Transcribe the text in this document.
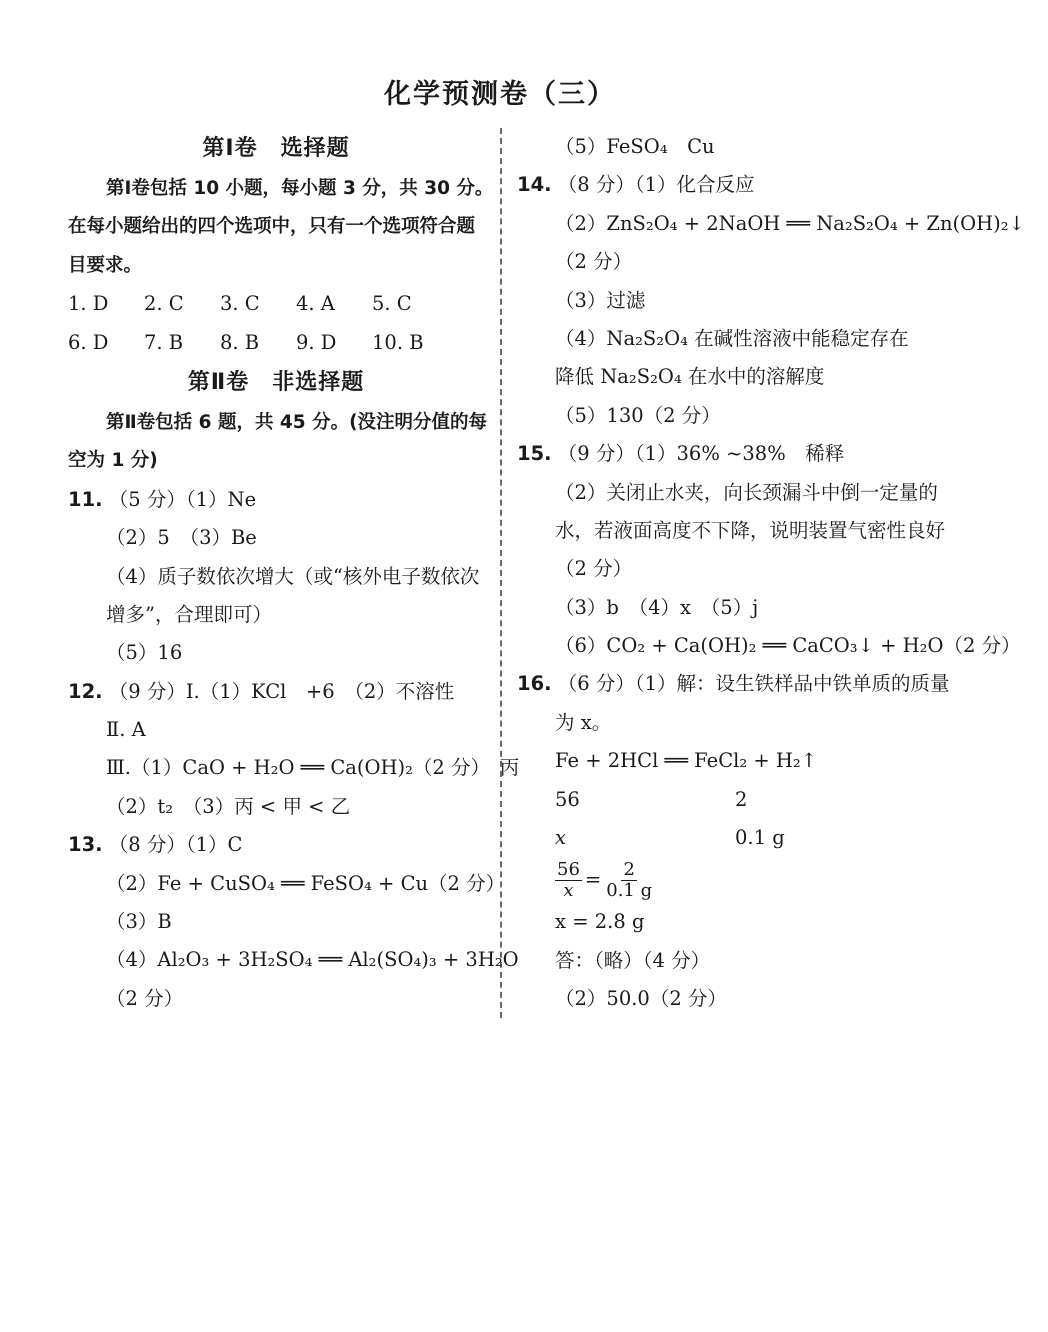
化学预测卷（三）
第Ⅰ卷　选择题
第Ⅰ卷包括 10 小题，每小题 3 分，共 30 分。
在每小题给出的四个选项中，只有一个选项符合题
目要求。
1. D	2. C	3. C	4. A	5. C
6. D	7. B	8. B	9. D	10. B
第Ⅱ卷　非选择题
第Ⅱ卷包括 6 题，共 45 分。(没注明分值的每
空为 1 分)
11. （5 分）（1）Ne
（2）5　（3）Be
（4）质子数依次增大（或“核外电子数依次
增多”，合理即可）
（5）16
12. （9 分）Ⅰ.（1）KCl　+6　（2）不溶性
Ⅱ. A
Ⅲ.（1）CaO + H₂O ══ Ca(OH)₂（2 分）　丙
（2）t₂　（3）丙 < 甲 < 乙
13. （8 分）（1）C
（2）Fe + CuSO₄ ══ FeSO₄ + Cu（2 分）
（3）B
（4）Al₂O₃ + 3H₂SO₄ ══ Al₂(SO₄)₃ + 3H₂O
（2 分）
（5）FeSO₄　Cu
14. （8 分）（1）化合反应
（2）ZnS₂O₄ + 2NaOH ══ Na₂S₂O₄ + Zn(OH)₂↓
（2 分）
（3）过滤
（4）Na₂S₂O₄ 在碱性溶液中能稳定存在
降低 Na₂S₂O₄ 在水中的溶解度
（5）130（2 分）
15. （9 分）（1）36% ~38%　稀释
（2）关闭止水夹，向长颈漏斗中倒一定量的
水，若液面高度不下降，说明装置气密性良好
（2 分）
（3）b　（4）x　（5）j
（6）CO₂ + Ca(OH)₂ ══ CaCO₃↓ + H₂O（2 分）
16. （6 分）（1）解：设生铁样品中铁单质的质量
为 x。
Fe + 2HCl ══ FeCl₂ + H₂↑
56	2
x	0.1 g
$\frac{56}{x} = \frac{2}{0.1 g}$
x = 2.8 g
答：（略）（4 分）
（2）50.0（2 分）
